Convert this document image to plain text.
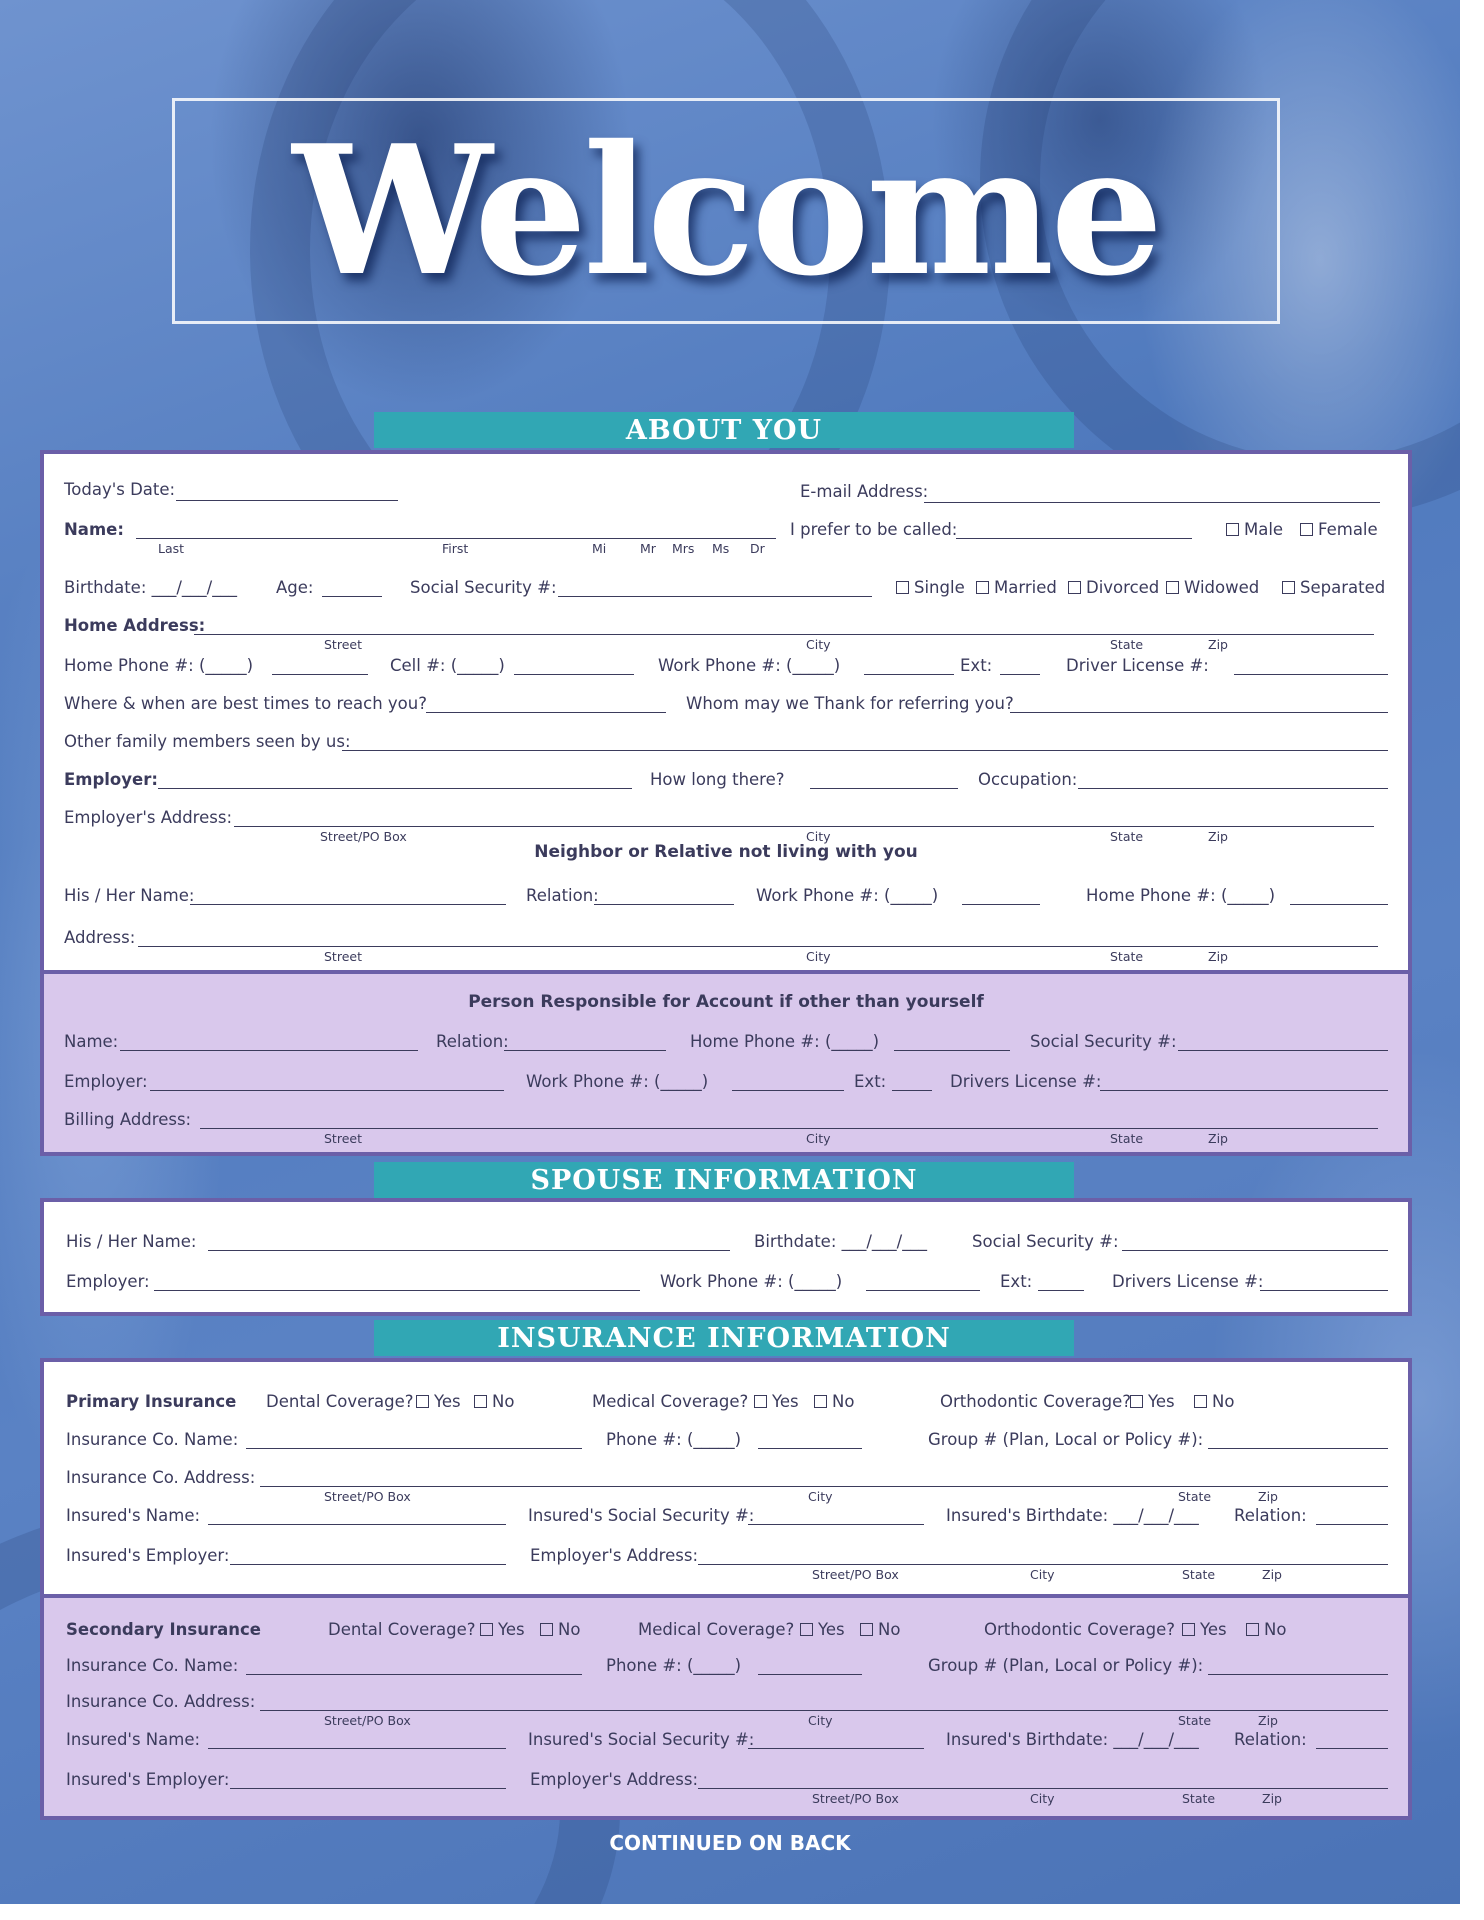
Welcome
ABOUT YOU
Today's Date:	E-mail Address:
Name:
Last	First	Mi	Mr Mrs Ms Dr
I prefer to be called:	Male	Female
Birthdate: ___/___/___ Age:	Social Security #:	Single	Married	Divorced	Widowed	Separated
Home Address:
Street	City	State	Zip
Home Phone #: (_____)	Cell #: (_____)	Work Phone #: (_____)	Ext:	Driver License #:
Where & when are best times to reach you?	Whom may we Thank for referring you?
Other family members seen by us:
Employer:	How long there?	Occupation:
Employer's Address:
Street/PO Box	City	State	Zip
Neighbor or Relative not living with you
His / Her Name:	Relation:	Work Phone #: (_____)	Home Phone #: (_____)
Address:
Street	City	State	Zip
Person Responsible for Account if other than yourself
Name:	Relation:	Home Phone #: (_____)	Social Security #:
Employer:	Work Phone #: (_____)	Ext:	Drivers License #:
Billing Address:
Street	City	State	Zip
SPOUSE INFORMATION
His / Her Name:	Birthdate: ___/___/___	Social Security #:
Employer:	Work Phone #: (_____)	Ext:	Drivers License #:
INSURANCE INFORMATION
Primary Insurance Dental Coverage?	Yes	No	Medical Coverage?	Yes	No	Orthodontic Coverage?	Yes	No
Insurance Co. Name:	Phone #: (_____)	Group # (Plan, Local or Policy #):
Insurance Co. Address:
Street/PO Box	City	State	Zip
Insured's Name:	Insured's Social Security #:	Insured's Birthdate: ___/___/___ Relation:
Insured's Employer:	Employer's Address:
Street/PO Box	City	State	Zip
Secondary Insurance	Dental Coverage?	Yes	No	Medical Coverage?	Yes	No	Orthodontic Coverage?	Yes	No
Insurance Co. Name:	Phone #: (_____)	Group # (Plan, Local or Policy #):
Insurance Co. Address:
Street/PO Box	City	State	Zip
Insured's Name:	Insured's Social Security #:	Insured's Birthdate: ___/___/___ Relation:
Insured's Employer:	Employer's Address:
Street/PO Box	City	State	Zip
CONTINUED ON BACK
